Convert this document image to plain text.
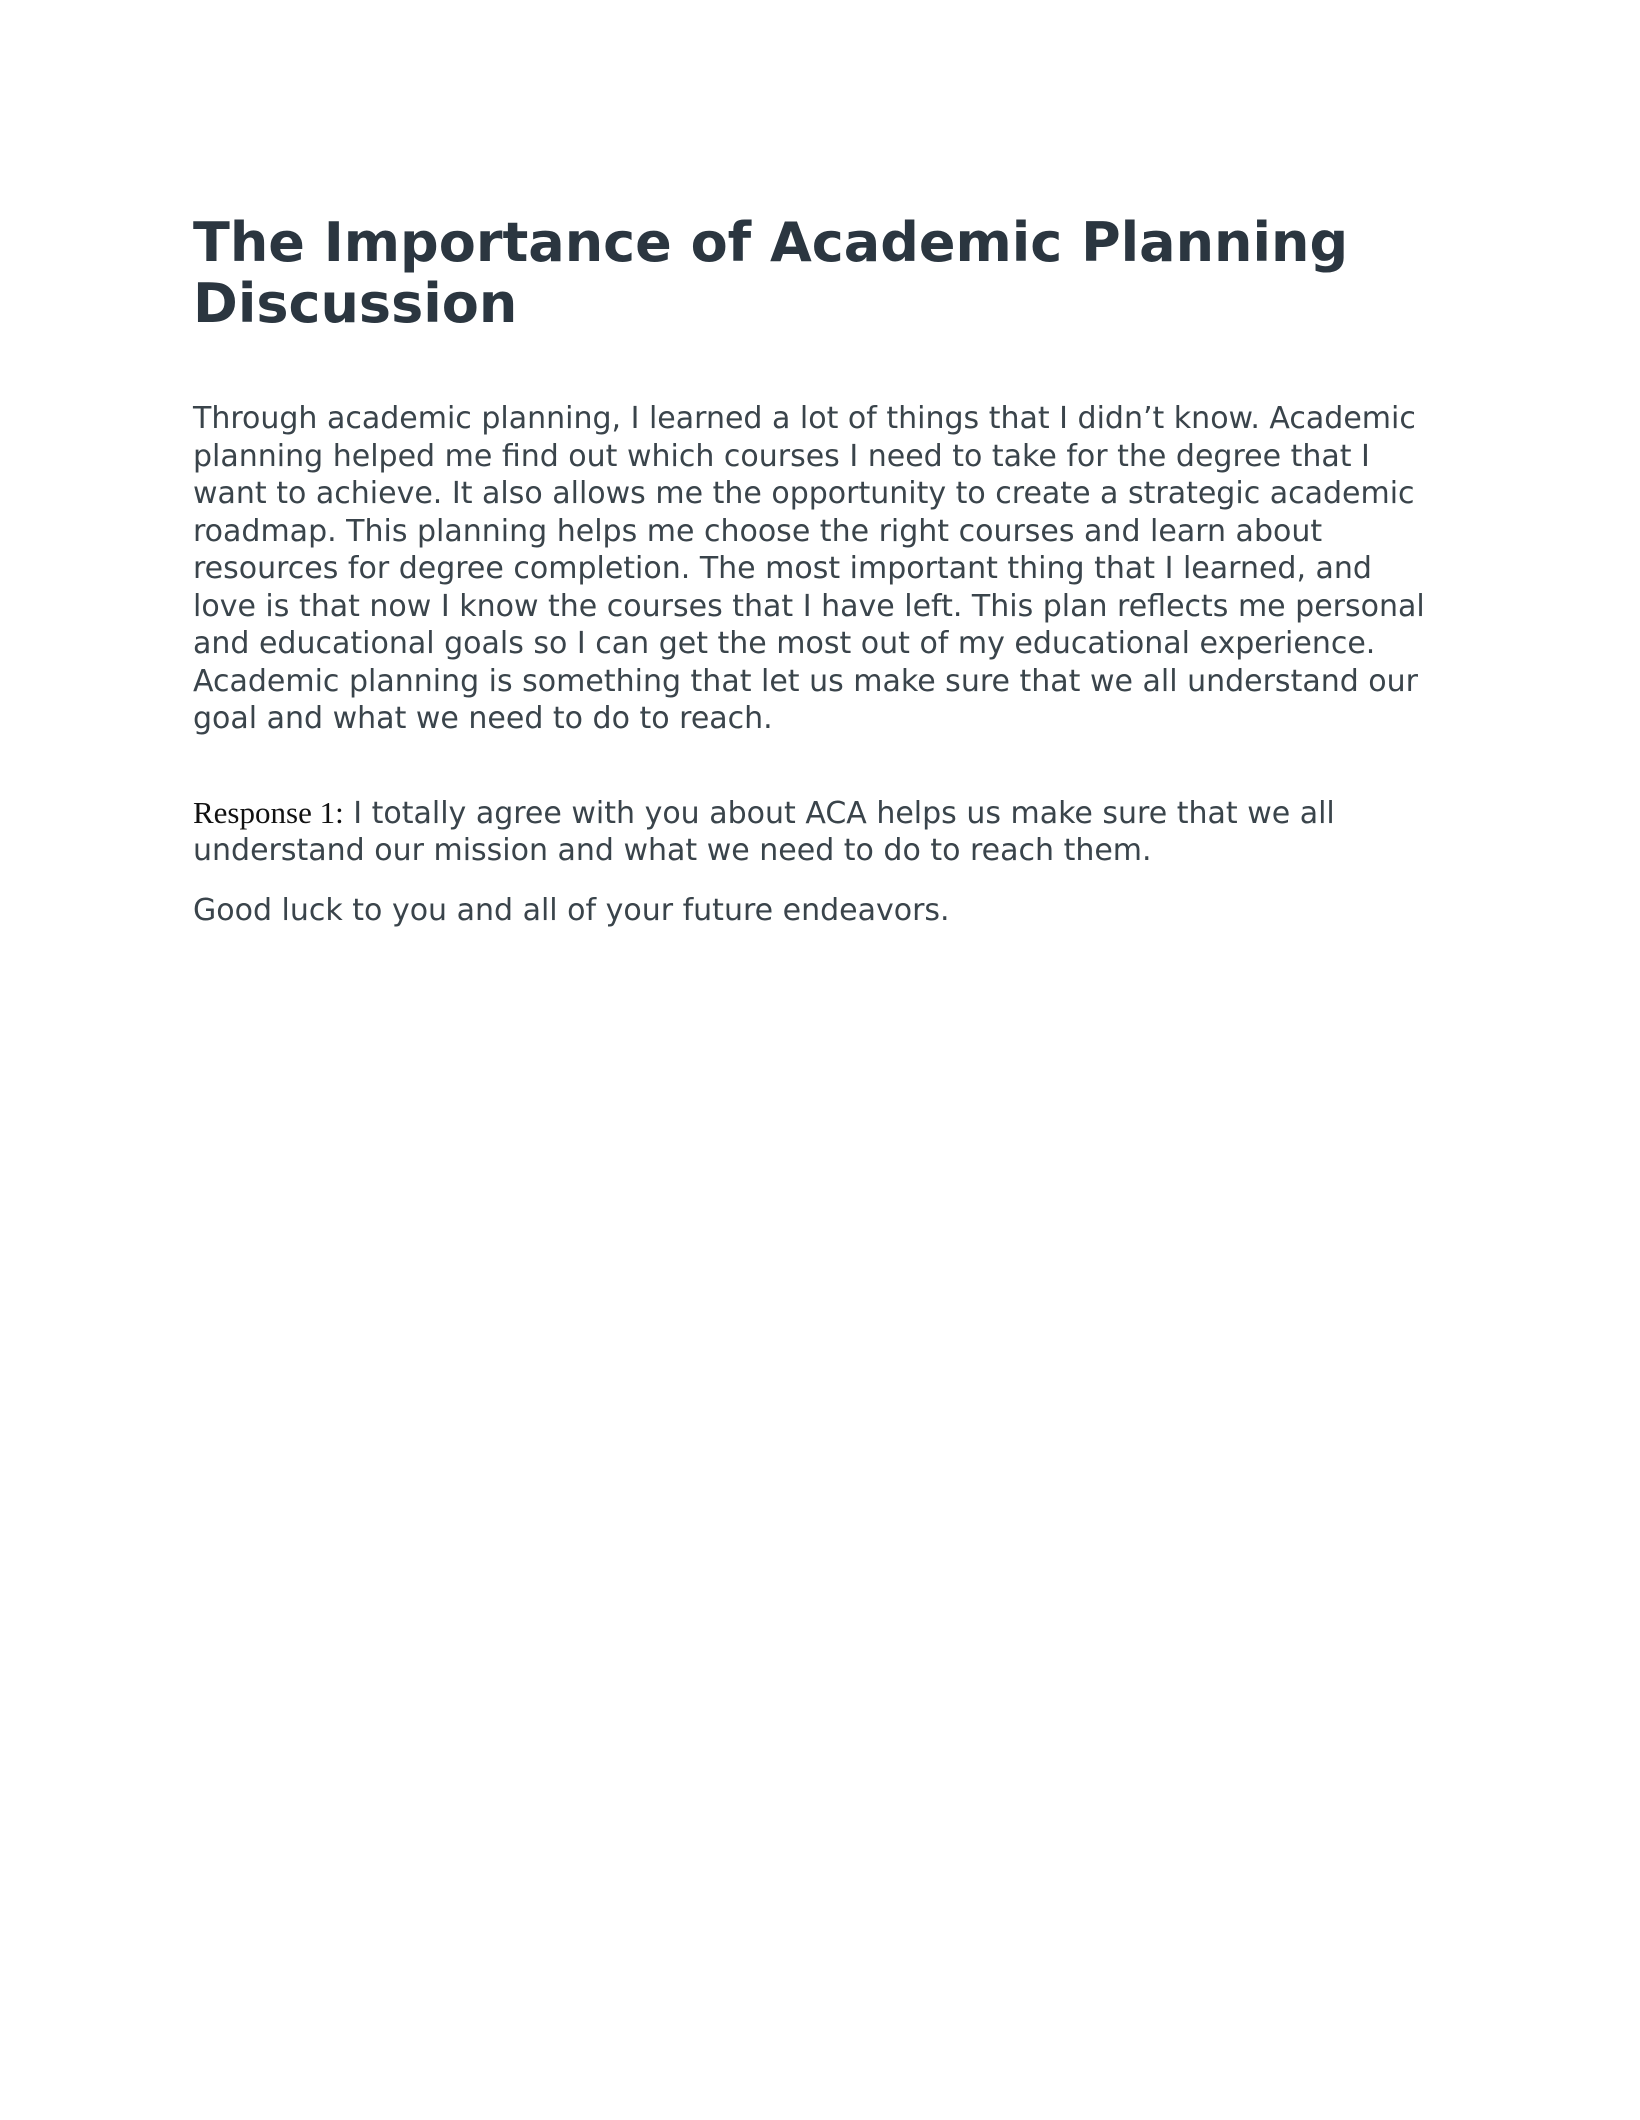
The Importance of Academic Planning Discussion

Through academic planning, I learned a lot of things that I didn’t know. Academic planning helped me find out which courses I need to take for the degree that I want to achieve. It also allows me the opportunity to create a strategic academic roadmap. This planning helps me choose the right courses and learn about resources for degree completion. The most important thing that I learned, and love is that now I know the courses that I have left. This plan reflects me personal and educational goals so I can get the most out of my educational experience. Academic planning is something that let us make sure that we all understand our goal and what we need to do to reach.

Response 1: I totally agree with you about ACA helps us make sure that we all understand our mission and what we need to do to reach them.

Good luck to you and all of your future endeavors.
